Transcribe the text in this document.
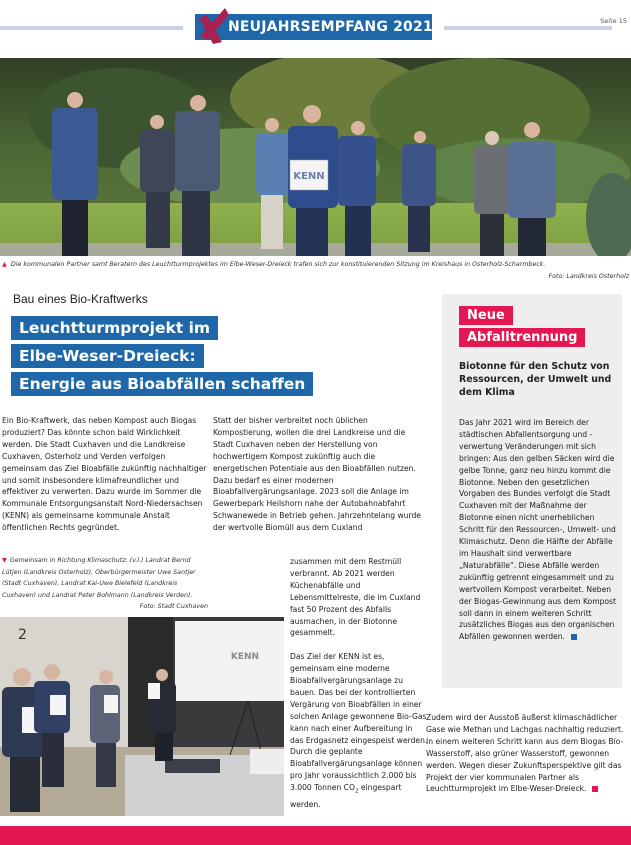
NEUJAHRSEMPFANG 2021	Seite 15
KENN
▲ Die kommunalen Partner samt Beratern des Leuchtturmprojektes im Elbe-Weser-Dreieck trafen sich zur konstituierenden Sitzung im Kreishaus in Osterholz-Scharmbeck.
Foto: Landkreis Osterholz
Bau eines Bio-Kraftwerks
Leuchtturmprojekt im
Elbe-Weser-Dreieck:
Energie aus Bioabfällen schaffen

Ein Bio-Kraftwerk, das neben Kompost auch Biogas produziert? Das könnte schon bald Wirklichkeit werden. Die Stadt Cuxhaven und die Landkreise Cuxhaven, Osterholz und Verden verfolgen gemeinsam das Ziel Bioabfälle zukünftig nachhaltiger und somit insbesondere klimafreundlicher und effektiver zu verwerten. Dazu wurde im Sommer die Kommunale Entsorgungsanstalt Nord-Niedersachsen (KENN) als gemeinsame kommunale Anstalt öffentlichen Rechts gegründet.

▼ Gemeinsam in Richtung Klimaschutz: (v.l.) Landrat Bernd Lütjen (Landkreis Osterholz), Oberbürgermeister Uwe Santjer (Stadt Cuxhaven), Landrat Kai-Uwe Bielefeld (Landkreis Cuxhaven) und Landrat Peter Bohlmann (Landkreis Verden).
Foto: Stadt Cuxhaven
2
KENN

Statt der bisher verbreitet noch üblichen Kompostierung, wollen die drei Landkreise und die Stadt Cuxhaven neben der Herstellung von hochwertigem Kompost zukünftig auch die energetischen Potentiale aus den Bioabfällen nutzen. Dazu bedarf es einer modernen Bioabfallvergärungsanlage. 2023 soll die Anlage im Gewerbepark Heilshorn nahe der Autobahnabfahrt Schwanewede in Betrieb gehen. Jahrzehntelang wurde der wertvolle Biomüll aus dem Cuxland

zusammen mit dem Restmüll verbrannt. Ab 2021 werden Küchenabfälle und Lebensmittelreste, die im Cuxland fast 50 Prozent des Abfalls ausmachen, in der Biotonne gesammelt.

Das Ziel der KENN ist es, gemeinsam eine moderne Bioabfallvergärungsanlage zu bauen. Das bei der kontrollierten Vergärung von Bioabfällen in einer solchen Anlage gewonnene Bio-Gas kann nach einer Aufbereitung in das Erdgasnetz eingespeist werden. Durch die geplante Bioabfallvergärungsanlage können pro Jahr voraussichtlich 2.000 bis 3.000 Tonnen $CO_2$ eingespart werden.

Neue
Abfalltrennung
Biotonne für den Schutz von Ressourcen, der Umwelt und dem Klima
Das Jahr 2021 wird im Bereich der städtischen Abfallentsorgung und -verwertung Veränderungen mit sich bringen: Aus den gelben Säcken wird die gelbe Tonne, ganz neu hinzu kommt die Biotonne. Neben den gesetzlichen Vorgaben des Bundes verfolgt die Stadt Cuxhaven mit der Maßnahme der Biotonne einen nicht unerheblichen Schritt für den Ressourcen-, Umwelt- und Klimaschutz. Denn die Hälfte der Abfälle im Haushalt sind verwertbare „Naturabfälle“. Diese Abfälle werden zukünftig getrennt eingesammelt und zu wertvollem Kompost verarbeitet. Neben der Biogas-Gewinnung aus dem Kompost soll dann in einem weiteren Schritt zusätzliches Biogas aus den organischen Abfällen gewonnen werden.

Zudem wird der Ausstoß äußerst klimaschädlicher Gase wie Methan und Lachgas nachhaltig reduziert. In einem weiteren Schritt kann aus dem Biogas Bio-Wasserstoff, also grüner Wasserstoff, gewonnen werden. Wegen dieser Zukunftsperspektive gilt das Projekt der vier kommunalen Partner als Leuchtturmprojekt im Elbe-Weser-Dreieck.
